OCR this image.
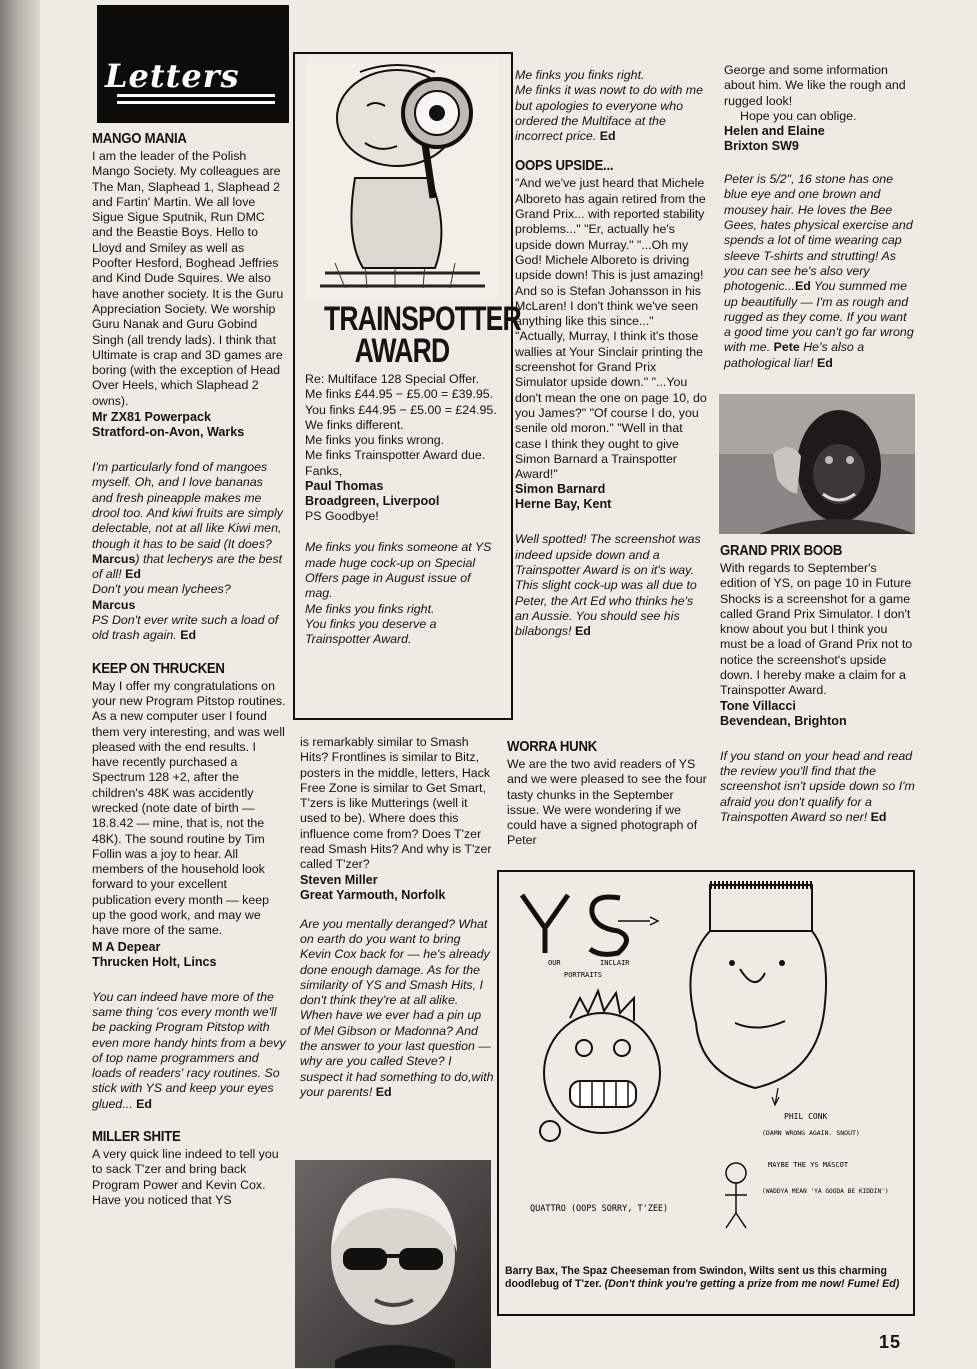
Letters
MANGO MANIA

I am the leader of the Polish Mango Society. My colleagues are The Man, Slaphead 1, Slaphead 2 and Fartin' Martin. We all love Sigue Sigue Sputnik, Run DMC and the Beastie Boys. Hello to Lloyd and Smiley as well as Poofter Hesford, Boghead Jeffries and Kind Dude Squires. We also have another society. It is the Guru Appreciation Society. We worship Guru Nanak and Guru Gobind Singh (all trendy lads). I think that Ultimate is crap and 3D games are boring (with the exception of Head Over Heels, which Slaphead 2 owns).

Mr ZX81 Powerpack
Stratford-on-Avon, Warks

I'm particularly fond of mangoes myself. Oh, and I love bananas and fresh pineapple makes me drool too. And kiwi fruits are simply delectable, not at all like Kiwi men, though it has to be said (It does? Marcus) that lecherys are the best of all! Ed

Don't you mean lychees?
Marcus

PS Don't ever write such a load of old trash again. Ed

KEEP ON THRUCKEN

May I offer my congratulations on your new Program Pitstop routines. As a new computer user I found them very interesting, and was well pleased with the end results. I have recently purchased a Spectrum 128 +2, after the children's 48K was accidently wrecked (note date of birth — 18.8.42 — mine, that is, not the 48K). The sound routine by Tim Follin was a joy to hear. All members of the household look forward to your excellent publication every month — keep up the good work, and may we have more of the same.

M A Depear
Thrucken Holt, Lincs

You can indeed have more of the same thing 'cos every month we'll be packing Program Pitstop with even more handy hints from a bevy of top name programmers and loads of readers' racy routines. So stick with YS and keep your eyes glued... Ed

MILLER SHITE

A very quick line indeed to tell you to sack T'zer and bring back Program Power and Kevin Cox. Have you noticed that YS

TRAINSPOTTER
AWARD
Re: Multiface 128 Special Offer.
Me finks £44.95 − £5.00 = £39.95.
You finks £44.95 − £5.00 = £24.95.
We finks different.
Me finks you finks wrong.
Me finks Trainspotter Award due.
Fanks,
Paul Thomas
Broadgreen, Liverpool
PS Goodbye!
Me finks you finks someone at YS made huge cock-up on Special Offers page in August issue of mag.
Me finks you finks right.
You finks you deserve a Trainspotter Award.

is remarkably similar to Smash Hits? Frontlines is similar to Bitz, posters in the middle, letters, Hack Free Zone is similar to Get Smart, T'zers is like Mutterings (well it used to be). Where does this influence come from? Does T'zer read Smash Hits? And why is T'zer called T'zer?

Steven Miller
Great Yarmouth, Norfolk

Are you mentally deranged? What on earth do you want to bring Kevin Cox back for — he's already done enough damage. As for the similarity of YS and Smash Hits, I don't think they're at all alike. When have we ever had a pin up of Mel Gibson or Madonna? And the answer to your last question — why are you called Steve? I suspect it had something to do,with your parents! Ed

Me finks you finks right.
Me finks it was nowt to do with me but apologies to everyone who ordered the Multiface at the incorrect price. Ed
OOPS UPSIDE...

"And we've just heard that Michele Alboreto has again retired from the Grand Prix... with reported stability problems..." "Er, actually he's upside down Murray." "...Oh my God! Michele Alboreto is driving upside down! This is just amazing! And so is Stefan Johansson in his McLaren! I don't think we've seen anything like this since..." "Actually, Murray, I think it's those wallies at Your Sinclair printing the screenshot for Grand Prix Simulator upside down." "...You don't mean the one on page 10, do you James?" "Of course I do, you senile old moron." "Well in that case I think they ought to give Simon Barnard a Trainspotter Award!"

Simon Barnard
Herne Bay, Kent

Well spotted! The screenshot was indeed upside down and a Trainspotter Award is on it's way. This slight cock-up was all due to Peter, the Art Ed who thinks he's an Aussie. You should see his bilabongs! Ed

WORRA HUNK

We are the two avid readers of YS and we were pleased to see the four tasty chunks in the September issue. We were wondering if we could have a signed photograph of Peter

George and some information about him. We like the rough and rugged look!
Hope you can oblige.
Helen and Elaine
Brixton SW9

Peter is 5/2", 16 stone has one blue eye and one brown and mousey hair. He loves the Bee Gees, hates physical exercise and spends a lot of time wearing cap sleeve T-shirts and strutting! As you can see he's also very photogenic...Ed You summed me up beautifully — I'm as rough and rugged as they come. If you want a good time you can't go far wrong with me. Pete He's also a pathological liar! Ed

GRAND PRIX BOOB

With regards to September's edition of YS, on page 10 in Future Shocks is a screenshot for a game called Grand Prix Simulator. I don't know about you but I think you must be a load of Grand Prix not to notice the screenshot's upside down. I hereby make a claim for a Trainspotter Award.

Tone Villacci
Bevendean, Brighton

If you stand on your head and read the review you'll find that the screenshot isn't upside down so I'm afraid you don't qualify for a Trainspotten Award so ner! Ed

OUR	INCLAIR
PORTRAITS
PHIL CONK
(DAMN WRONG AGAIN. SNOUT)
QUATTRO (OOPS SORRY, T'ZEE)
MAYBE THE YS MASCOT
(WADDYA MEAN 'YA GOODA BE KIDDIN')
Barry Bax, The Spaz Cheeseman from Swindon, Wilts sent us this charming doodlebug of T'zer. (Don't think you're getting a prize from me now! Fume! Ed)
15
